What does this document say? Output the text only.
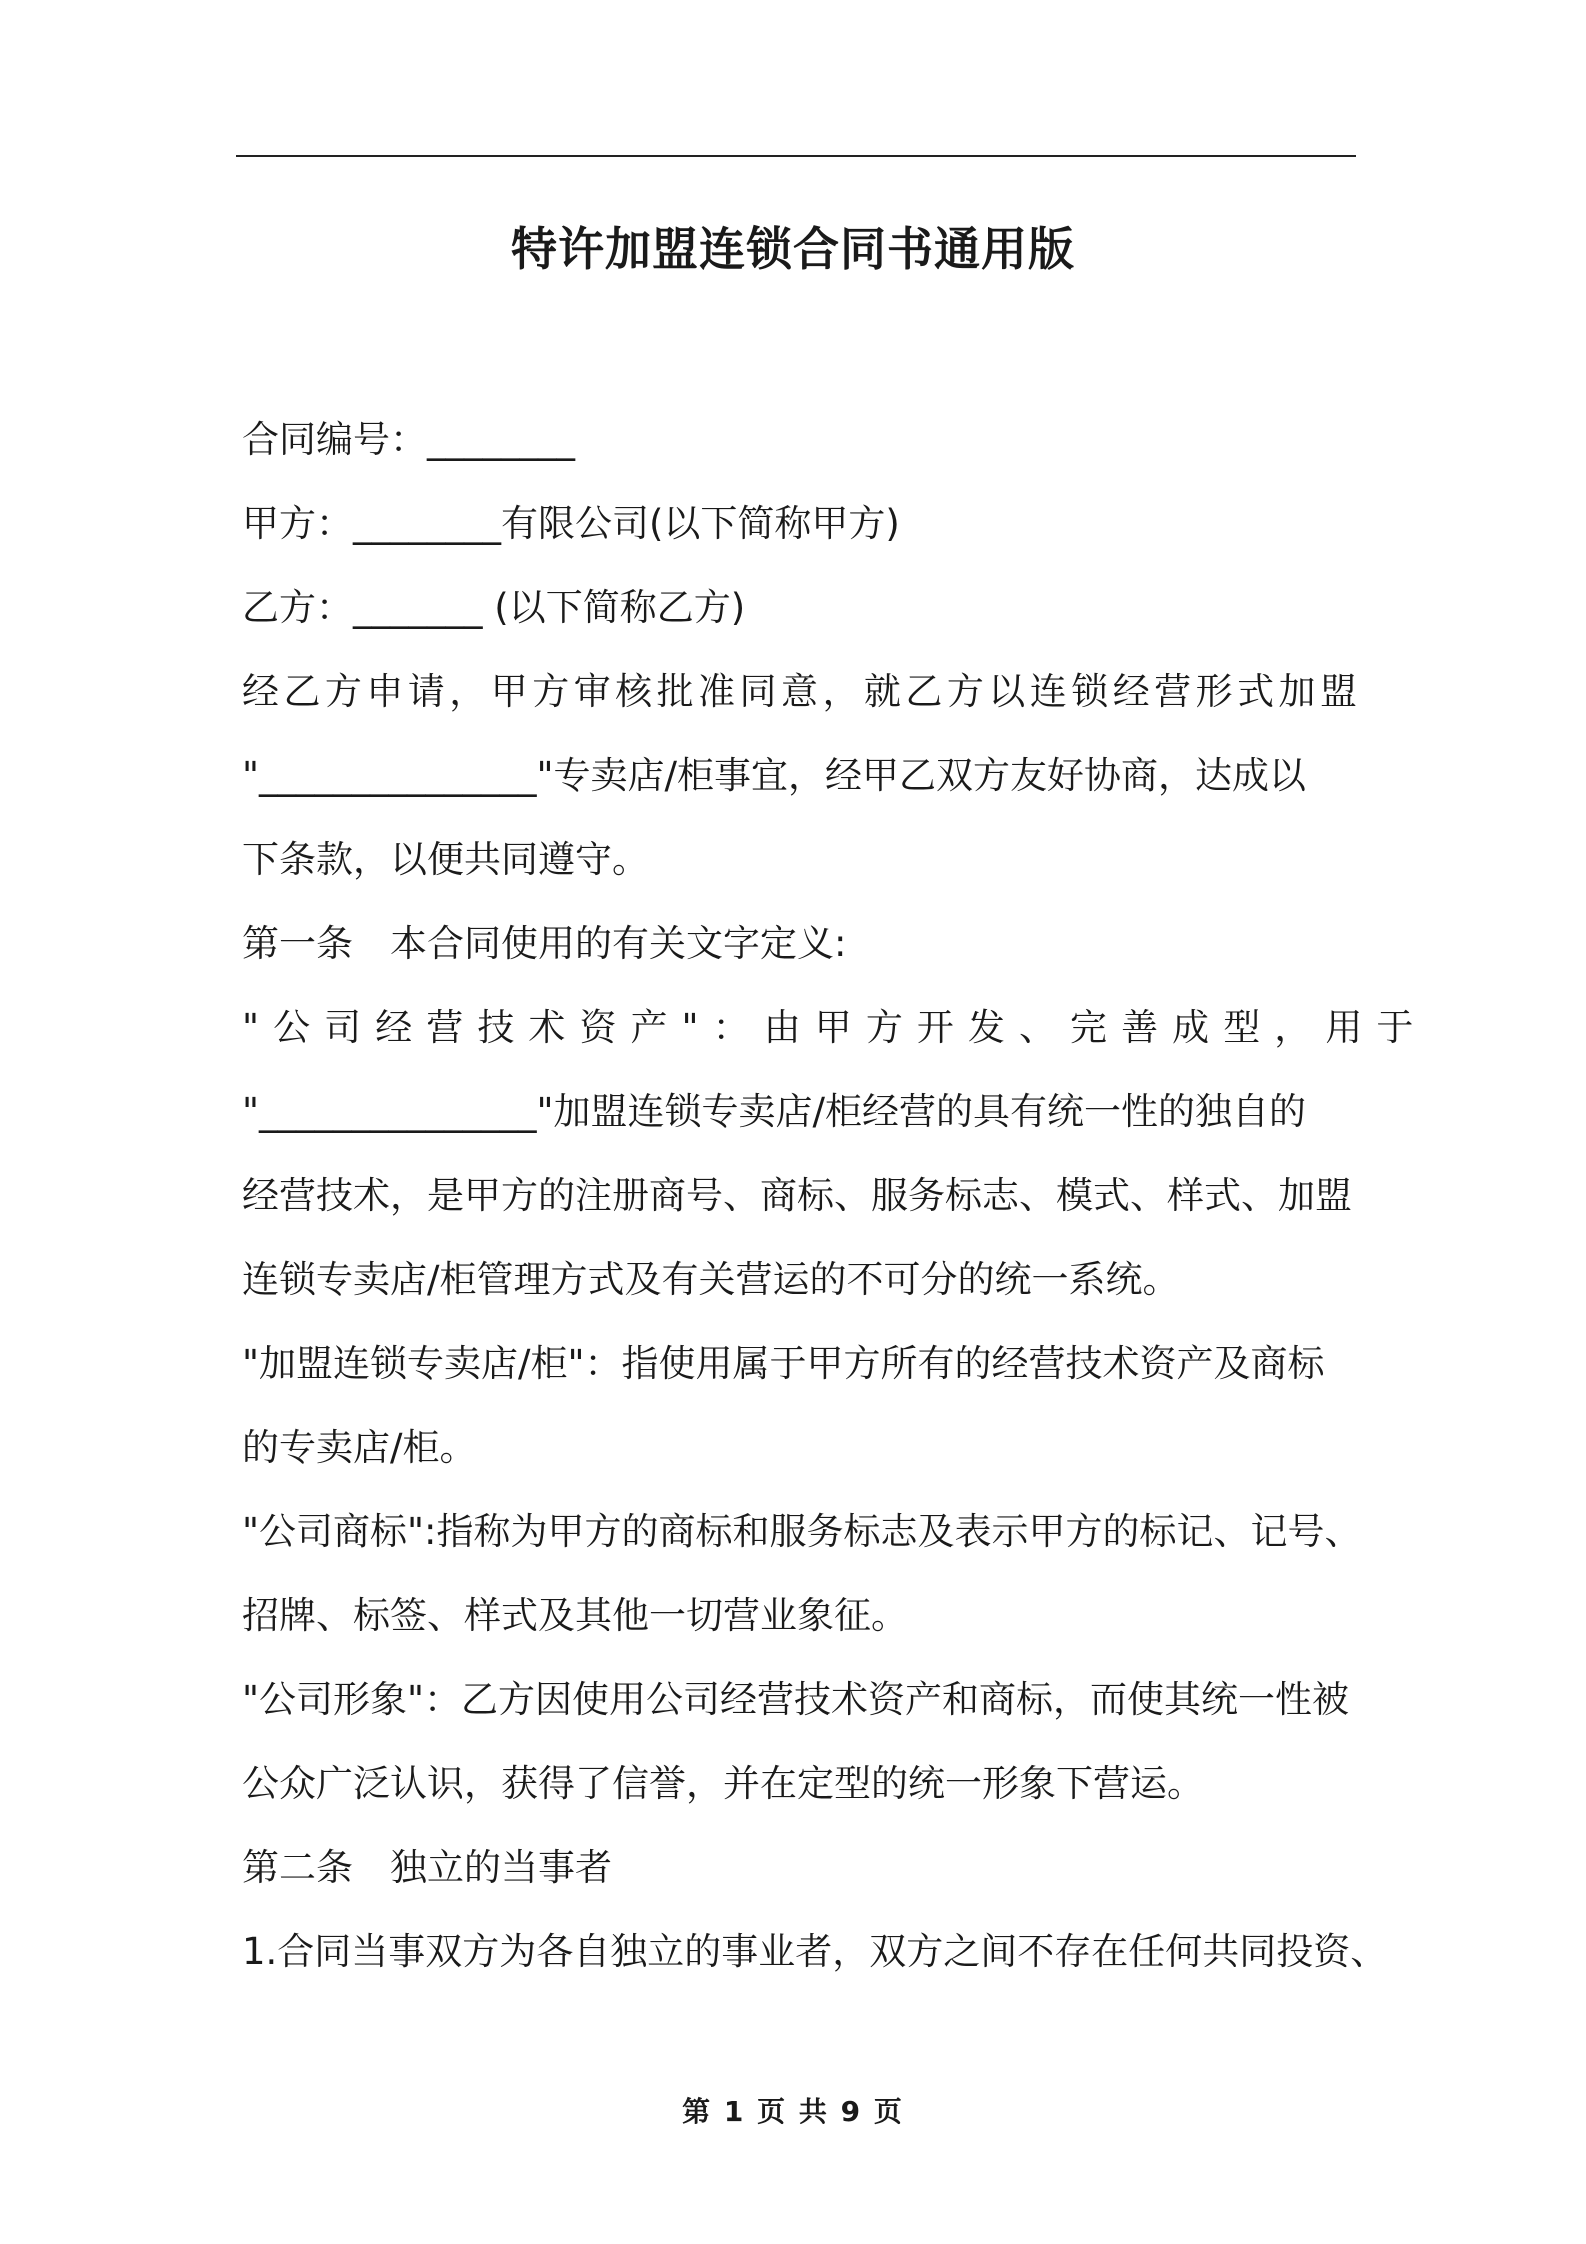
特许加盟连锁合同书通用版
合同编号：________
甲方：________有限公司(以下简称甲方)
乙方：_______ (以下简称乙方)
经乙方申请，甲方审核批准同意，就乙方以连锁经营形式加盟
"_______________"专卖店/柜事宜，经甲乙双方友好协商，达成以
下条款，以便共同遵守。
第一条　本合同使用的有关文字定义:
"公司经营技术资产"：由甲方开发、完善成型，用于
"_______________"加盟连锁专卖店/柜经营的具有统一性的独自的
经营技术，是甲方的注册商号、商标、服务标志、模式、样式、加盟
连锁专卖店/柜管理方式及有关营运的不可分的统一系统。
"加盟连锁专卖店/柜"：指使用属于甲方所有的经营技术资产及商标
的专卖店/柜。
"公司商标":指称为甲方的商标和服务标志及表示甲方的标记、记号、
招牌、标签、样式及其他一切营业象征。
"公司形象"：乙方因使用公司经营技术资产和商标，而使其统一性被
公众广泛认识，获得了信誉，并在定型的统一形象下营运。
第二条　独立的当事者
1.合同当事双方为各自独立的事业者，双方之间不存在任何共同投资、
第 1 页 共 9 页
